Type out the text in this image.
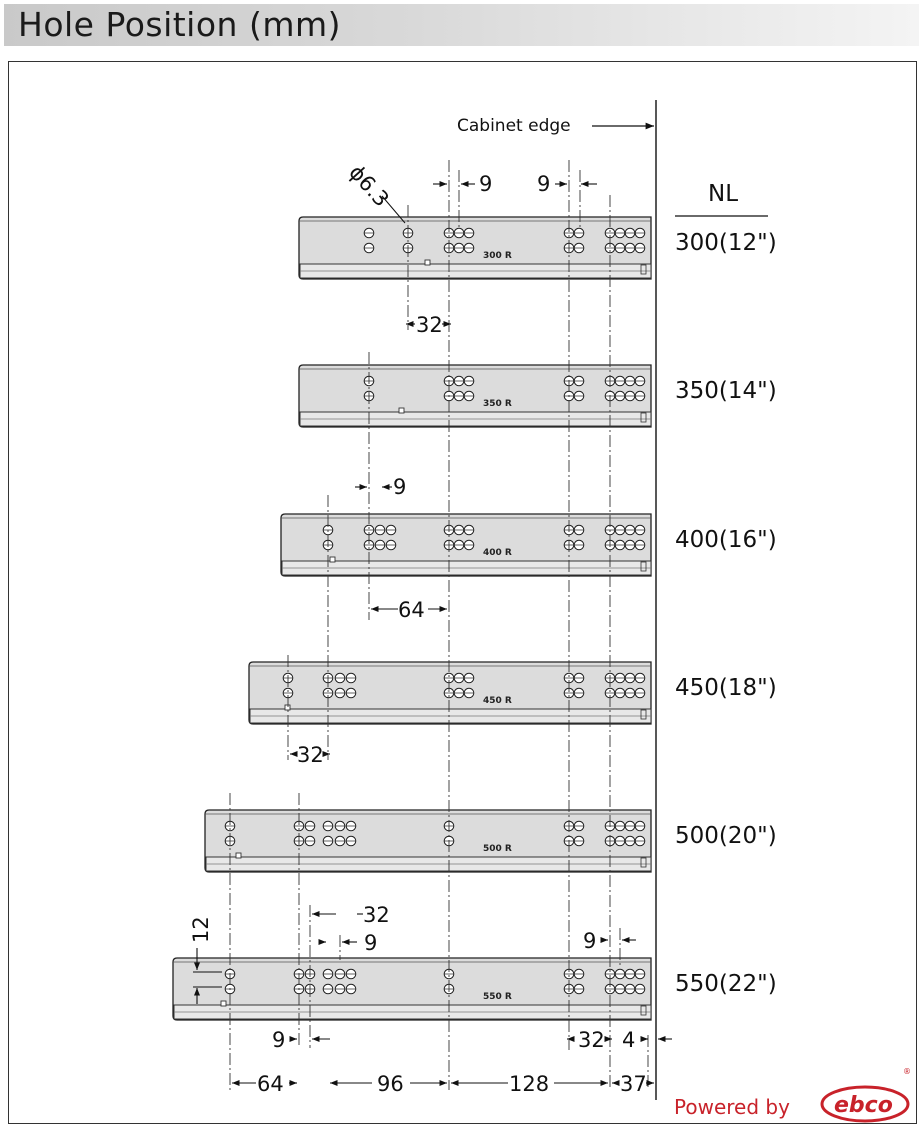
Hole Position (mm)
300 R	300(12")
350 R	350(14")
400 R	400(16")
450 R	450(18")
500 R	500(20")
550 R	550(22")
9 9
32
9
64
32
32
9	9
12
9	32 4
64	96	128	37
Cabinet edge
NL
ϕ6.3
Powered by ebco
®
